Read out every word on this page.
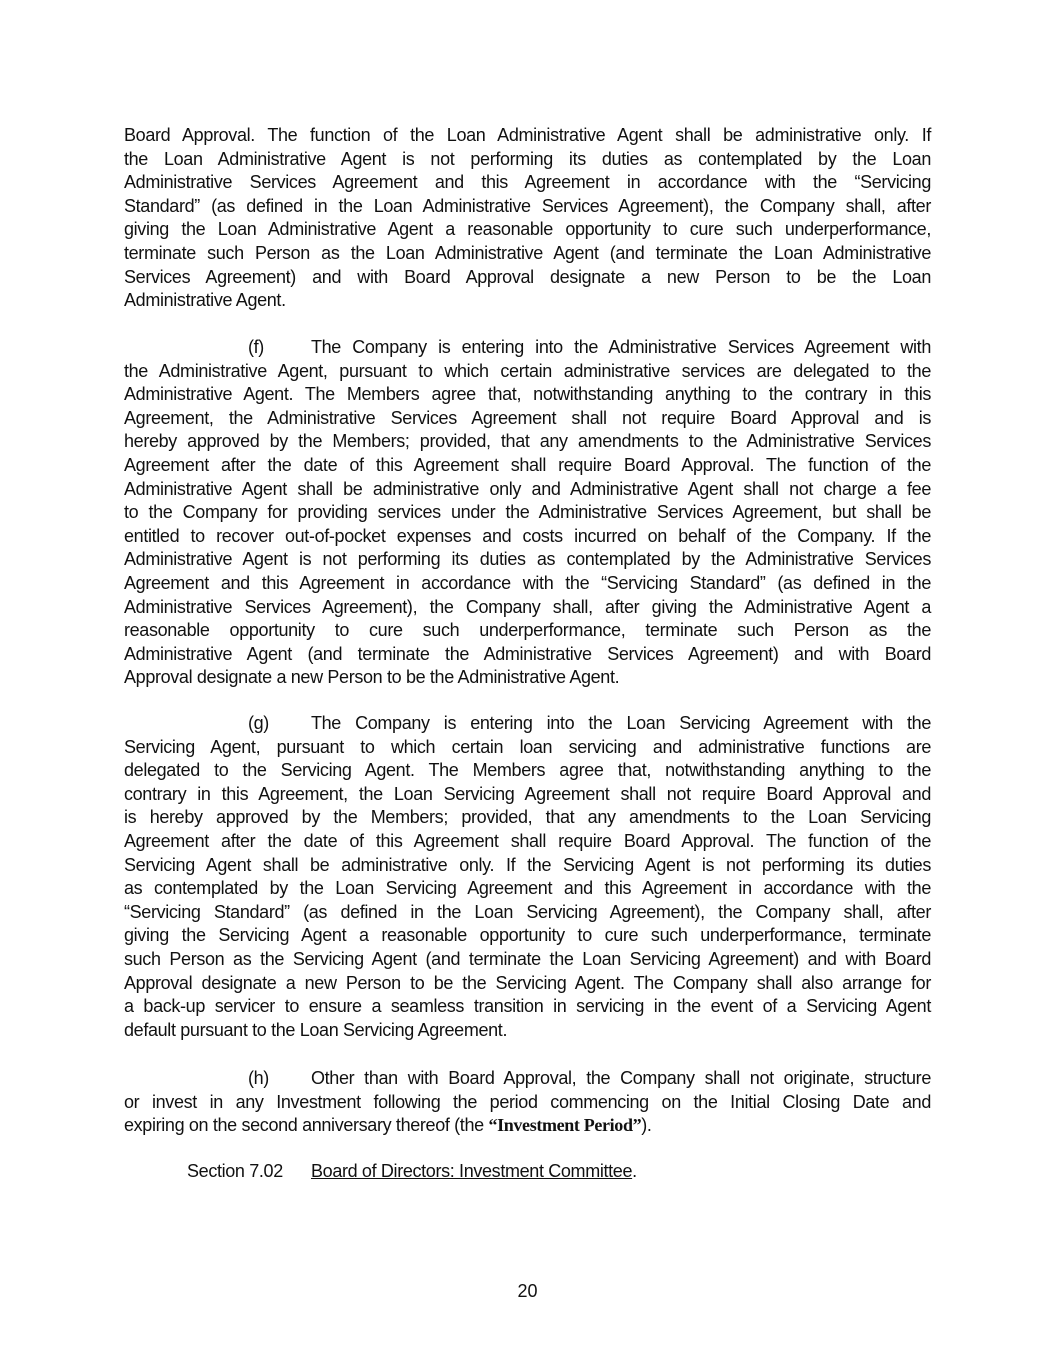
Board Approval. The function of the Loan Administrative Agent shall be administrative only. If
the Loan Administrative Agent is not performing its duties as contemplated by the Loan
Administrative Services Agreement and this Agreement in accordance with the “Servicing
Standard” (as defined in the Loan Administrative Services Agreement), the Company shall, after
giving the Loan Administrative Agent a reasonable opportunity to cure such underperformance,
terminate such Person as the Loan Administrative Agent (and terminate the Loan Administrative
Services Agreement) and with Board Approval designate a new Person to be the Loan
Administrative Agent.
(f)	The Company is entering into the Administrative Services Agreement with
the Administrative Agent, pursuant to which certain administrative services are delegated to the
Administrative Agent. The Members agree that, notwithstanding anything to the contrary in this
Agreement, the Administrative Services Agreement shall not require Board Approval and is
hereby approved by the Members; provided, that any amendments to the Administrative Services
Agreement after the date of this Agreement shall require Board Approval. The function of the
Administrative Agent shall be administrative only and Administrative Agent shall not charge a fee
to the Company for providing services under the Administrative Services Agreement, but shall be
entitled to recover out-of-pocket expenses and costs incurred on behalf of the Company. If the
Administrative Agent is not performing its duties as contemplated by the Administrative Services
Agreement and this Agreement in accordance with the “Servicing Standard” (as defined in the
Administrative Services Agreement), the Company shall, after giving the Administrative Agent a
reasonable opportunity to cure such underperformance, terminate such Person as the
Administrative Agent (and terminate the Administrative Services Agreement) and with Board
Approval designate a new Person to be the Administrative Agent.
(g)	The Company is entering into the Loan Servicing Agreement with the
Servicing Agent, pursuant to which certain loan servicing and administrative functions are
delegated to the Servicing Agent. The Members agree that, notwithstanding anything to the
contrary in this Agreement, the Loan Servicing Agreement shall not require Board Approval and
is hereby approved by the Members; provided, that any amendments to the Loan Servicing
Agreement after the date of this Agreement shall require Board Approval. The function of the
Servicing Agent shall be administrative only. If the Servicing Agent is not performing its duties
as contemplated by the Loan Servicing Agreement and this Agreement in accordance with the
“Servicing Standard” (as defined in the Loan Servicing Agreement), the Company shall, after
giving the Servicing Agent a reasonable opportunity to cure such underperformance, terminate
such Person as the Servicing Agent (and terminate the Loan Servicing Agreement) and with Board
Approval designate a new Person to be the Servicing Agent. The Company shall also arrange for
a back-up servicer to ensure a seamless transition in servicing in the event of a Servicing Agent
default pursuant to the Loan Servicing Agreement.
(h)	Other than with Board Approval, the Company shall not originate, structure
or invest in any Investment following the period commencing on the Initial Closing Date and
expiring on the second anniversary thereof (the “Investment Period”).
Section 7.02 Board of Directors: Investment Committee.
20
